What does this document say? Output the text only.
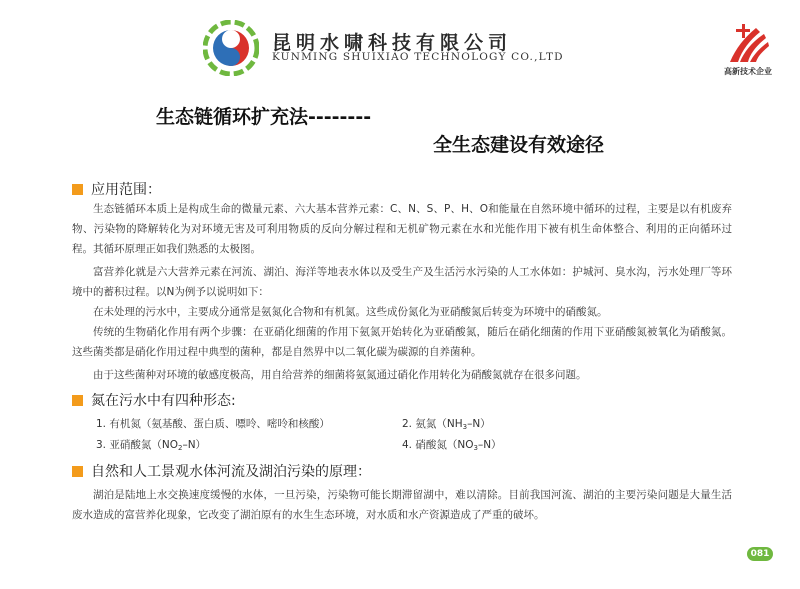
昆明水啸科技有限公司
KUNMING SHUIXIAO TECHNOLOGY CO.,LTD
高新技术企业
生态链循环扩充法--------
全生态建设有效途径
应用范围：
生态链循环本质上是构成生命的微量元素、六大基本营养元素：C、N、S、P、H、O和能量在自然环境中循环的过程，主要是以有机废弃物、污染物的降解转化为对环境无害及可利用物质的反向分解过程和无机矿物元素在水和光能作用下被有机生命体整合、利用的正向循环过程。其循环原理正如我们熟悉的太极图。
富营养化就是六大营养元素在河流、湖泊、海洋等地表水体以及受生产及生活污水污染的人工水体如：护城河、臭水沟，污水处理厂等环境中的蓄积过程。以N为例予以说明如下：
在未处理的污水中，主要成分通常是氨氮化合物和有机氮。这些成份氮化为亚硝酸氮后转变为环境中的硝酸氮。
传统的生物硝化作用有两个步骤：在亚硝化细菌的作用下氨氮开始转化为亚硝酸氮，随后在硝化细菌的作用下亚硝酸氮被氧化为硝酸氮。这些菌类都是硝化作用过程中典型的菌种，都是自然界中以二氧化碳为碳源的自养菌种。
由于这些菌种对环境的敏感度极高，用自给营养的细菌将氨氮通过硝化作用转化为硝酸氮就存在很多问题。
氮在污水中有四种形态:
1. 有机氮（氨基酸、蛋白质、嘌呤、嘧呤和核酸）	2. 氨氮$(NH_3-N)$
3. 亚硝酸氮$(NO_2-N)$	4. 硝酸氮$(NO_3-N)$
自然和人工景观水体河流及湖泊污染的原理：
湖泊是陆地上水交换速度缓慢的水体，一旦污染，污染物可能长期滞留湖中，难以清除。目前我国河流、湖泊的主要污染问题是大量生活废水造成的富营养化现象，它改变了湖泊原有的水生生态环境，对水质和水产资源造成了严重的破坏。
081
